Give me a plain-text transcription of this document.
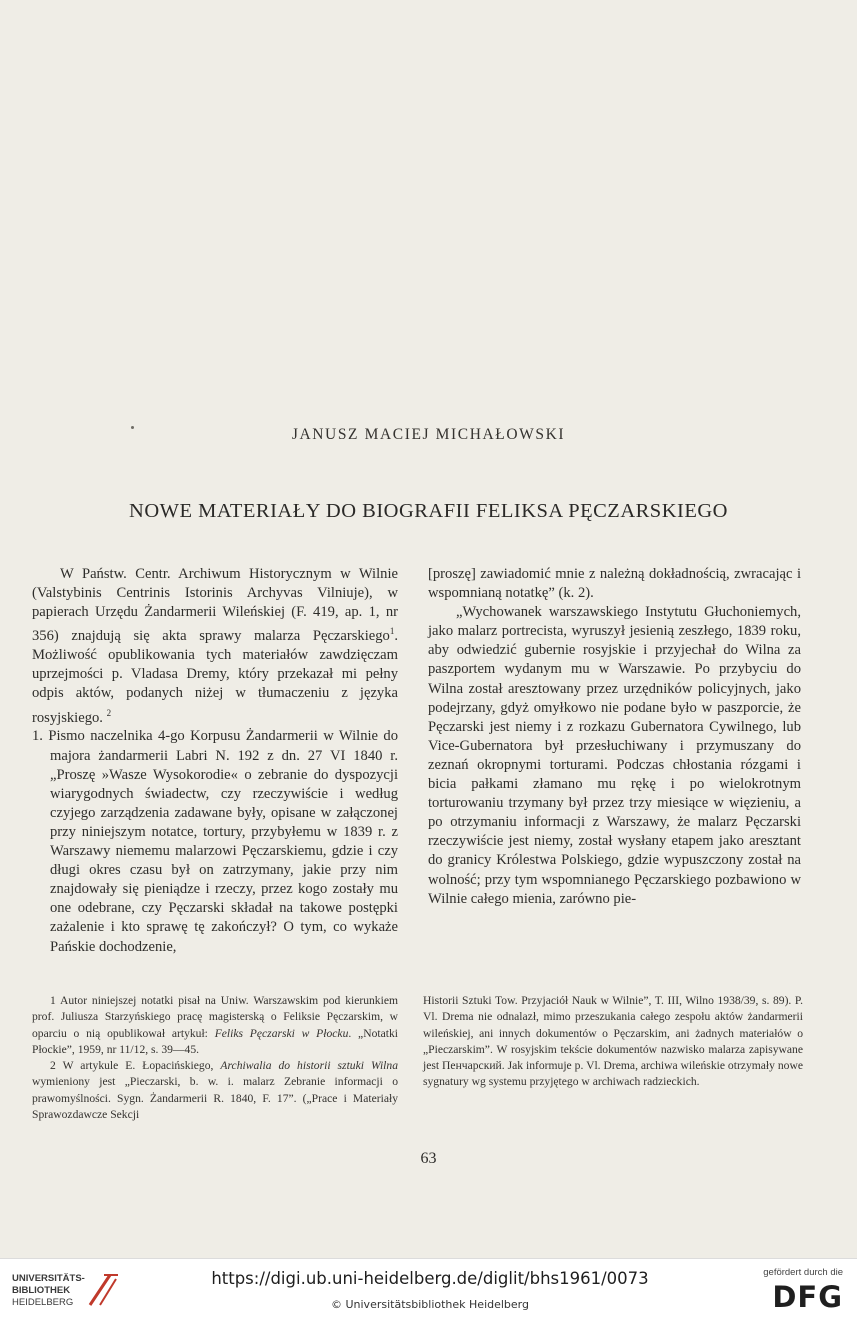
JANUSZ MACIEJ MICHAŁOWSKI
NOWE MATERIAŁY DO BIOGRAFII FELIKSA PĘCZARSKIEGO

W Państw. Centr. Archiwum Historycznym w Wilnie (Valstybinis Centrinis Istorinis Archyvas Vilniuje), w papierach Urzędu Żandarmerii Wileńskiej (F. 419, ap. 1, nr 356) znajdują się akta sprawy malarza Pęczarskiego$^1$. Możliwość opublikowania tych materiałów zawdzięczam uprzejmości p. Vladasa Dremy, który przekazał mi pełny odpis aktów, podanych niżej w tłumaczeniu z języka rosyjskiego. $^2$

1. Pismo naczelnika 4-go Korpusu Żandarmerii w Wilnie do majora żandarmerii Labri N. 192 z dn. 27 VI 1840 r. „Proszę »Wasze Wysokorodie« o zebranie do dyspozycji wiarygodnych świadectw, czy rzeczywiście i według czyjego zarządzenia zadawane były, opisane w załączonej przy niniejszym notatce, tortury, przybyłemu w 1839 r. z Warszawy niememu malarzowi Pęczarskiemu, gdzie i czy długi okres czasu był on zatrzymany, jakie przy nim znajdowały się pieniądze i rzeczy, przez kogo zostały mu one odebrane, czy Pęczarski składał na takowe postępki zażalenie i kto sprawę tę zakończył? O tym, co wykaże Pańskie dochodzenie,

[proszę] zawiadomić mnie z należną dokładnością, zwracając i wspomnianą notatkę” (k. 2).

„Wychowanek warszawskiego Instytutu Głuchoniemych, jako malarz portrecista, wyruszył jesienią zeszłego, 1839 roku, aby odwiedzić gubernie rosyjskie i przyjechał do Wilna za paszportem wydanym mu w Warszawie. Po przybyciu do Wilna został aresztowany przez urzędników policyjnych, jako podejrzany, gdyż omyłkowo nie podane było w paszporcie, że Pęczarski jest niemy i z rozkazu Gubernatora Cywilnego, lub Vice-Gubernatora był przesłuchiwany i przymuszany do zeznań okropnymi torturami. Podczas chłostania rózgami i bicia pałkami złamano mu rękę i po wielokrotnym torturowaniu trzymany był przez trzy miesiące w więzieniu, a po otrzymaniu informacji z Warszawy, że malarz Pęczarski rzeczywiście jest niemy, został wysłany etapem jako aresztant do granicy Królestwa Polskiego, gdzie wypuszczony został na wolność; przy tym wspomnianego Pęczarskiego pozbawiono w Wilnie całego mienia, zarówno pie-

1 Autor niniejszej notatki pisał na Uniw. Warszawskim pod kierunkiem prof. Juliusza Starzyńskiego pracę magisterską o Feliksie Pęczarskim, w oparciu o nią opublikował artykuł: Feliks Pęczarski w Płocku. „Notatki Płockie”, 1959, nr 11/12, s. 39—45.

2 W artykule E. Łopacińskiego, Archiwalia do historii sztuki Wilna wymieniony jest „Pieczarski, b. w. i. malarz Zebranie informacji o prawomyślności. Sygn. Żandarmerii R. 1840, F. 17”. („Prace i Materiały Sprawozdawcze Sekcji

Historii Sztuki Tow. Przyjaciół Nauk w Wilnie”, T. III, Wilno 1938/39, s. 89). P. Vl. Drema nie odnalazł, mimo przeszukania całego zespołu aktów żandarmerii wileńskiej, ani innych dokumentów o Pęczarskim, ani żadnych materiałów o „Pieczarskim”. W rosyjskim tekście dokumentów nazwisko malarza zapisywane jest Пенчарский. Jak informuje p. Vl. Drema, archiwa wileńskie otrzymały nowe sygnatury wg systemu przyjętego w archiwach radzieckich.

63
UNIVERSITÄTS-
BIBLIOTHEK
HEIDELBERG
https://digi.ub.uni-heidelberg.de/diglit/bhs1961/0073
© Universitätsbibliothek Heidelberg
gefördert durch die
DFG
